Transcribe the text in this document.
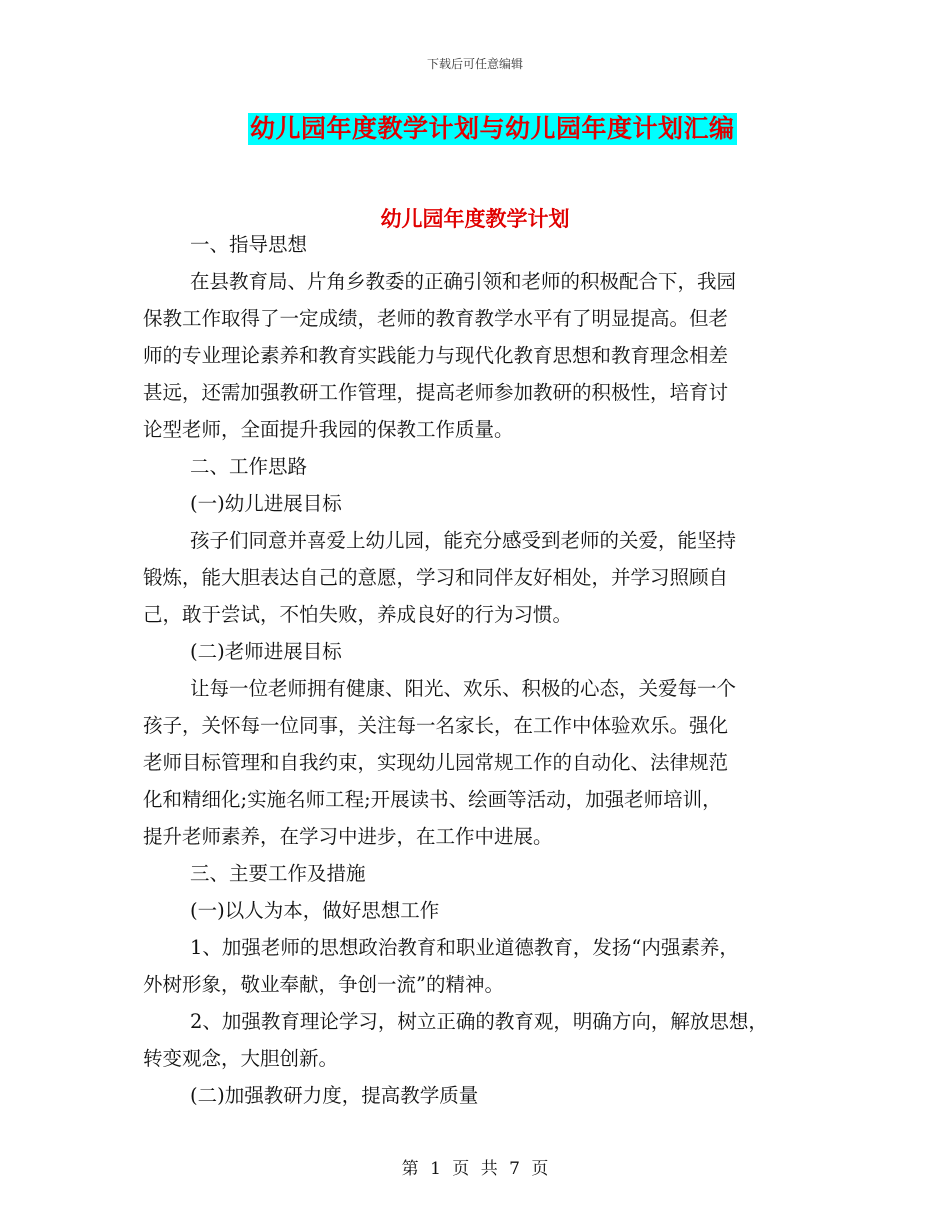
下载后可任意编辑
幼儿园年度教学计划与幼儿园年度计划汇编
幼儿园年度教学计划
一、指导思想
在县教育局、片角乡教委的正确引领和老师的积极配合下，我园
保教工作取得了一定成绩，老师的教育教学水平有了明显提高。但老
师的专业理论素养和教育实践能力与现代化教育思想和教育理念相差
甚远，还需加强教研工作管理，提高老师参加教研的积极性，培育讨
论型老师，全面提升我园的保教工作质量。
二、工作思路
(一)幼儿进展目标
孩子们同意并喜爱上幼儿园，能充分感受到老师的关爱，能坚持
锻炼，能大胆表达自己的意愿，学习和同伴友好相处，并学习照顾自
己，敢于尝试，不怕失败，养成良好的行为习惯。
(二)老师进展目标
让每一位老师拥有健康、阳光、欢乐、积极的心态，关爱每一个
孩子，关怀每一位同事，关注每一名家长，在工作中体验欢乐。强化
老师目标管理和自我约束，实现幼儿园常规工作的自动化、法律规范
化和精细化;实施名师工程;开展读书、绘画等活动，加强老师培训，
提升老师素养，在学习中进步，在工作中进展。
三、主要工作及措施
(一)以人为本，做好思想工作
1、加强老师的思想政治教育和职业道德教育，发扬“内强素养，
外树形象，敬业奉献，争创一流”的精神。
2、加强教育理论学习，树立正确的教育观，明确方向，解放思想，
转变观念，大胆创新。
(二)加强教研力度，提高教学质量
第 1 页 共 7 页
